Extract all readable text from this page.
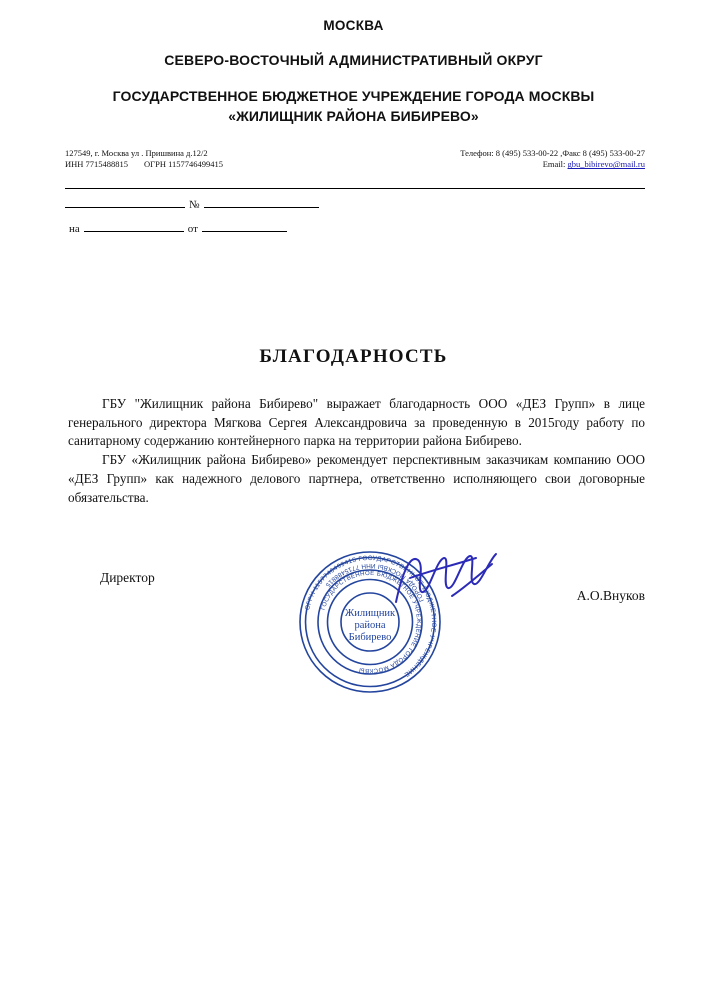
МОСКВА
СЕВЕРО-ВОСТОЧНЫЙ АДМИНИСТРАТИВНЫЙ ОКРУГ
ГОСУДАРСТВЕННОЕ БЮДЖЕТНОЕ УЧРЕЖДЕНИЕ ГОРОДА МОСКВЫ
«ЖИЛИЩНИК РАЙОНА БИБИРЕВО»
127549, г. Москва ул . Пришвина д.12/2
ИНН 7715488815 ОГРН 1157746499415
Телефон: 8 (495) 533-00-22 ,Факс 8 (495) 533-00-27
Email: gbu_bibirevo@mail.ru
№
на	от
БЛАГОДАРНОСТЬ

ГБУ "Жилищник района Бибирево" выражает благодарность ООО «ДЕЗ Групп» в лице генерального директора Мягкова Сергея Александровича за проведенную в 2015году работу по санитарному содержанию контейнерного парка на территории района Бибирево.

ГБУ «Жилищник района Бибирево» рекомендует перспективным заказчикам компанию ООО «ДЕЗ Групп» как надежного делового партнера, ответственно исполняющего свои договорные обязательства.

Директор
А.О.Внуков
ОГРН 1157746499415 ГОСУДАРСТВЕННОЕ БЮДЖЕТНОЕ УЧРЕЖДЕНИЕ
ГОРОДА МОСКВЫ ИНН 7715488815
ГОСУДАРСТВЕННОЕ БЮДЖЕТНОЕ УЧРЕЖДЕНИЕ ГОРОДА МОСКВЫ
Жилищник
района
Бибирево
